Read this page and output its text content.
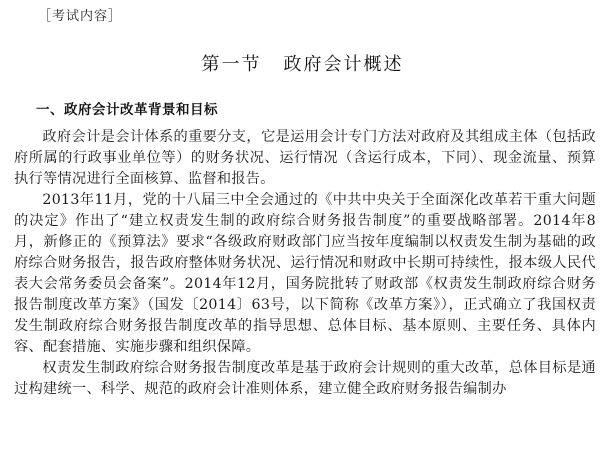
［考试内容］
第一节 政府会计概述
一、政府会计改革背景和目标

政府会计是会计体系的重要分支，它是运用会计专门方法对政府及其组成主体（包括政府所属的行政事业单位等）的财务状况、运行情况（含运行成本，下同）、现金流量、预算执行等情况进行全面核算、监督和报告。

2013年11月，党的十八届三中全会通过的《中共中央关于全面深化改革若干重大问题的决定》作出了“建立权责发生制的政府综合财务报告制度”的重要战略部署。2014年8月，新修正的《预算法》要求“各级政府财政部门应当按年度编制以权责发生制为基础的政府综合财务报告，报告政府整体财务状况、运行情况和财政中长期可持续性，报本级人民代表大会常务委员会备案”。2014年12月，国务院批转了财政部《权责发生制政府综合财务报告制度改革方案》（国发〔2014〕63号，以下简称《改革方案》），正式确立了我国权责发生制政府综合财务报告制度改革的指导思想、总体目标、基本原则、主要任务、具体内容、配套措施、实施步骤和组织保障。

权责发生制政府综合财务报告制度改革是基于政府会计规则的重大改革，总体目标是通过构建统一、科学、规范的政府会计准则体系，建立健全政府财务报告编制办
